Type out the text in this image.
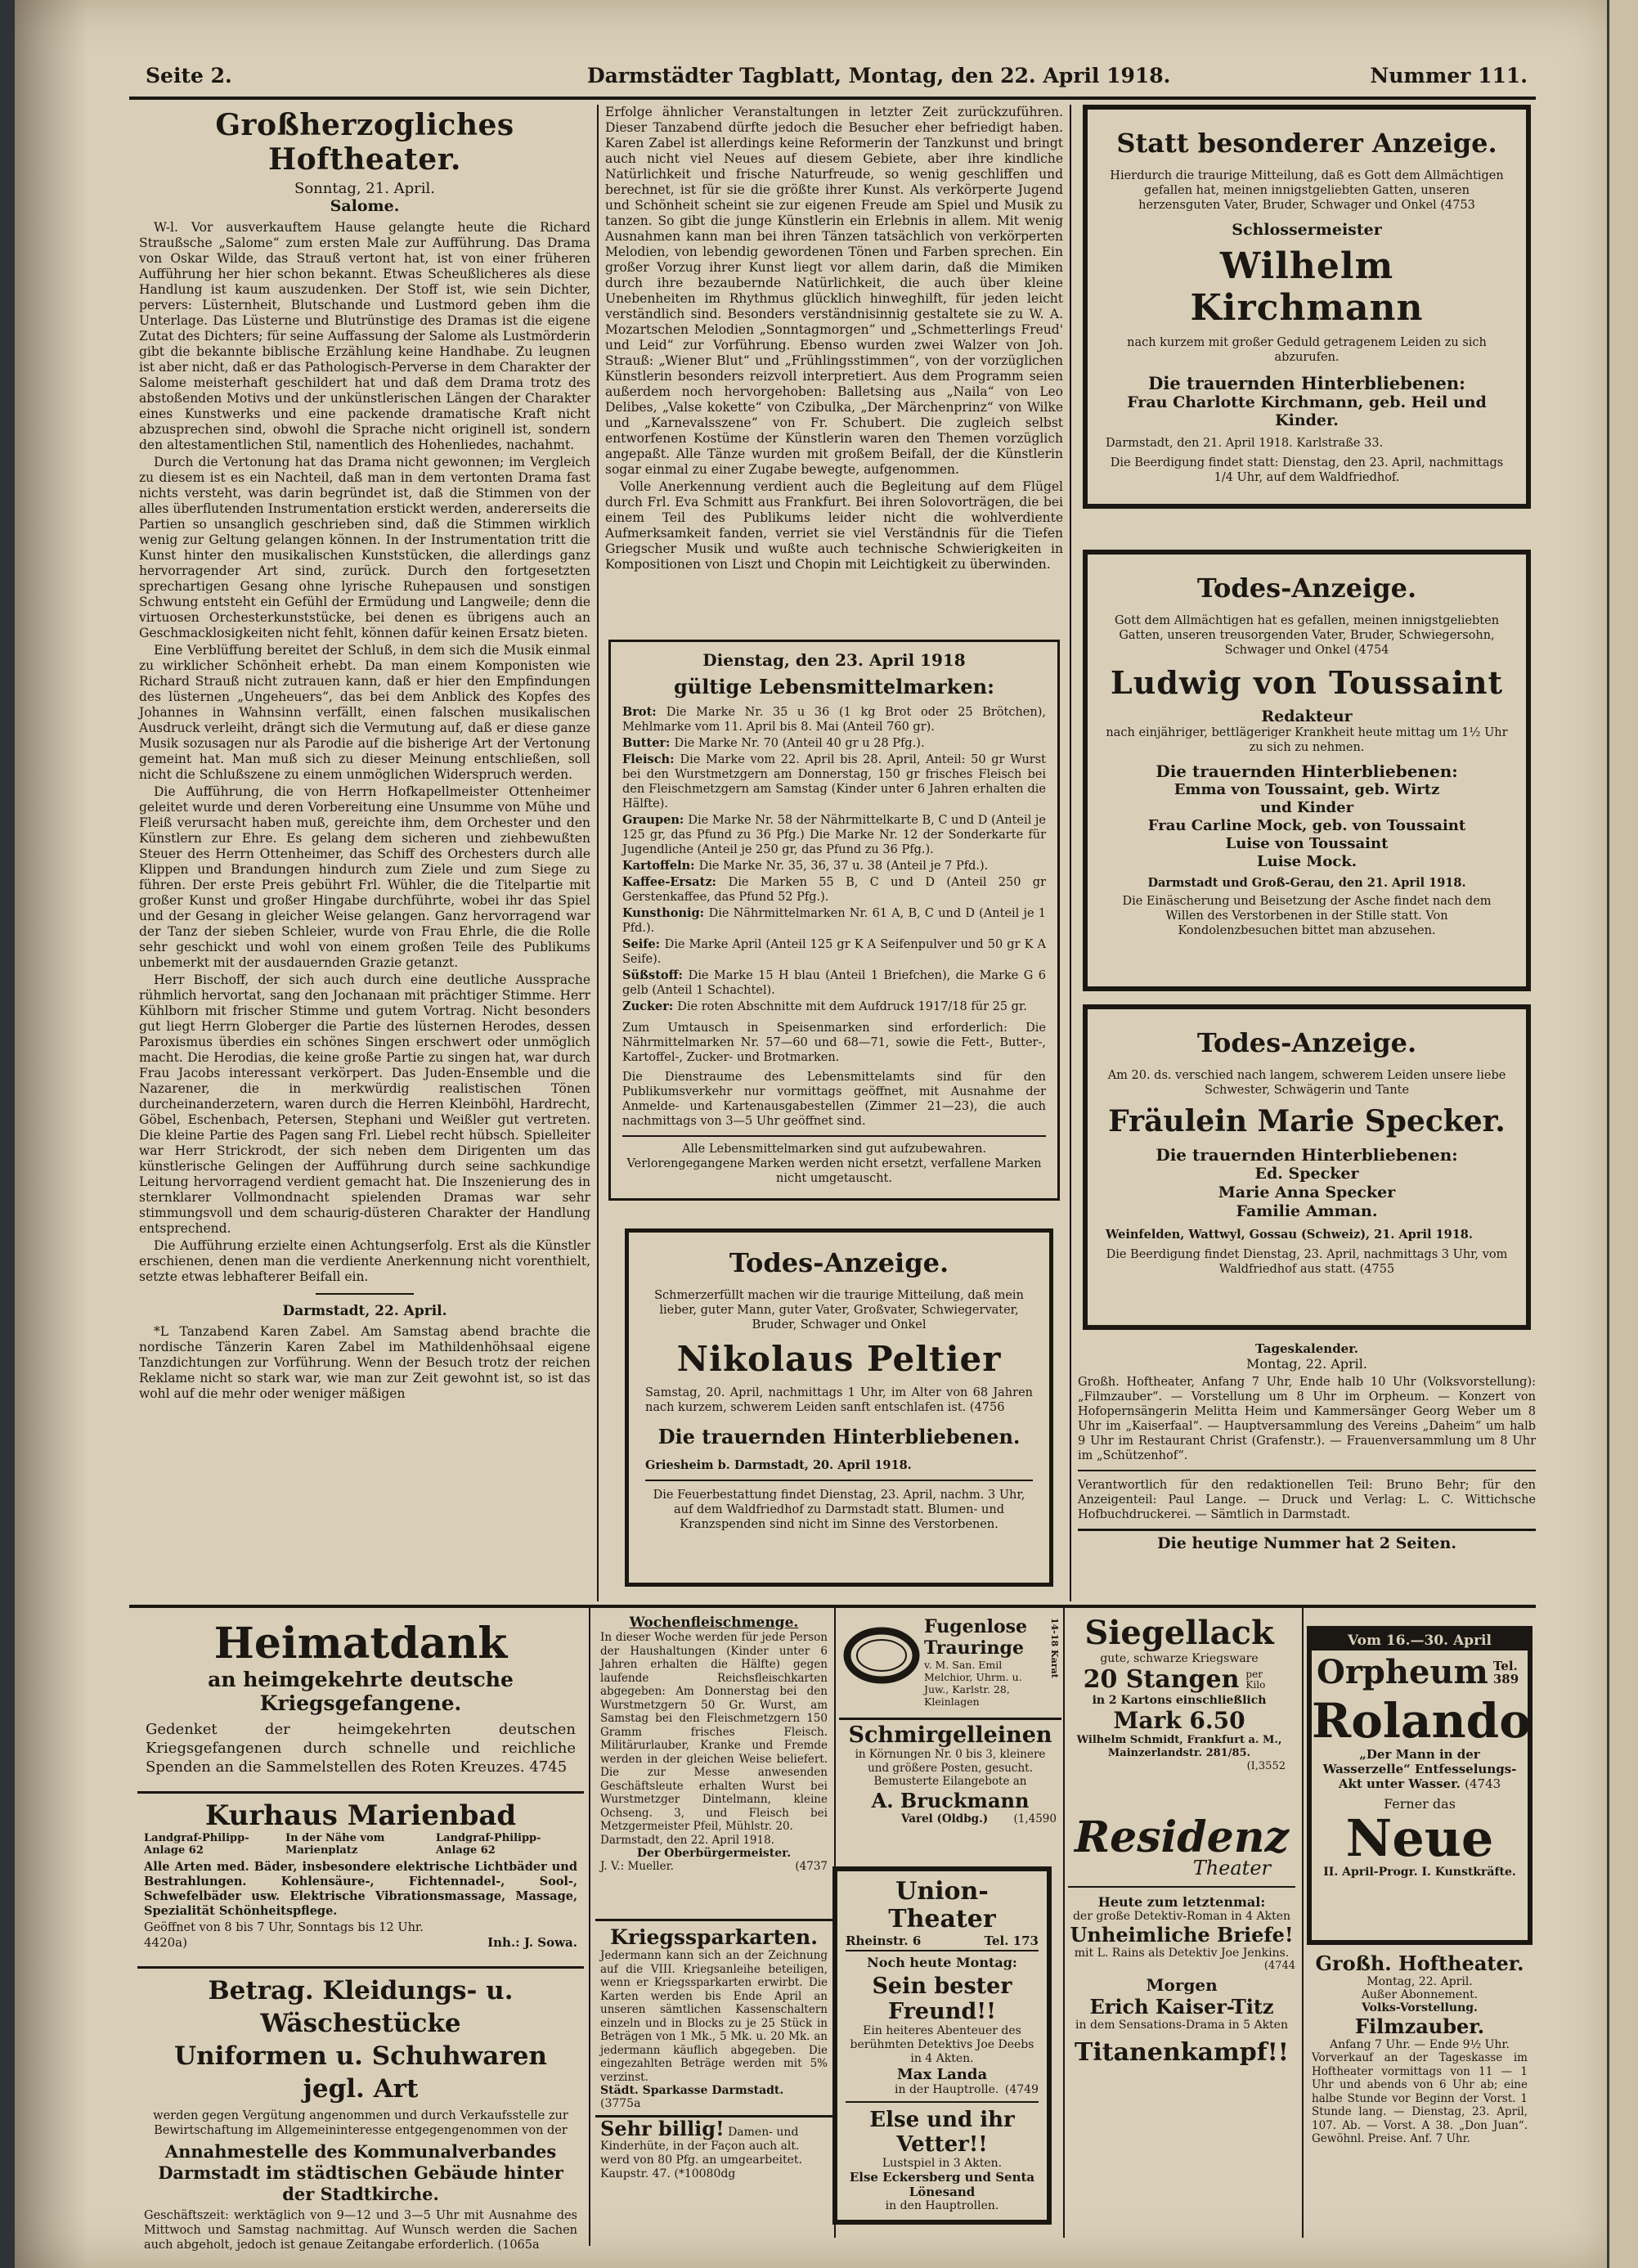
Seite 2.	Darmstädter Tagblatt, Montag, den 22. April 1918.	Nummer 111.
Großherzogliches Hoftheater.
Sonntag, 21. April.
Salome.

W-l. Vor ausverkauftem Hause gelangte heute die Richard Straußsche „Salome“ zum ersten Male zur Aufführung. Das Drama von Oskar Wilde, das Strauß vertont hat, ist von einer früheren Aufführung her hier schon bekannt. Etwas Scheußlicheres als diese Handlung ist kaum auszudenken. Der Stoff ist, wie sein Dichter, pervers: Lüsternheit, Blutschande und Lustmord geben ihm die Unterlage. Das Lüsterne und Blutrünstige des Dramas ist die eigene Zutat des Dichters; für seine Auffassung der Salome als Lustmörderin gibt die bekannte biblische Erzählung keine Handhabe. Zu leugnen ist aber nicht, daß er das Pathologisch-Perverse in dem Charakter der Salome meisterhaft geschildert hat und daß dem Drama trotz des abstoßenden Motivs und der unkünstlerischen Längen der Charakter eines Kunstwerks und eine packende dramatische Kraft nicht abzusprechen sind, obwohl die Sprache nicht originell ist, sondern den altestamentlichen Stil, namentlich des Hohenliedes, nachahmt.

Durch die Vertonung hat das Drama nicht gewonnen; im Vergleich zu diesem ist es ein Nachteil, daß man in dem vertonten Drama fast nichts versteht, was darin begründet ist, daß die Stimmen von der alles überflutenden Instrumentation erstickt werden, andererseits die Partien so unsanglich geschrieben sind, daß die Stimmen wirklich wenig zur Geltung gelangen können. In der Instrumentation tritt die Kunst hinter den musikalischen Kunststücken, die allerdings ganz hervorragender Art sind, zurück. Durch den fortgesetzten sprechartigen Gesang ohne lyrische Ruhepausen und sonstigen Schwung entsteht ein Gefühl der Ermüdung und Langweile; denn die virtuosen Orchesterkunststücke, bei denen es übrigens auch an Geschmacklosigkeiten nicht fehlt, können dafür keinen Ersatz bieten.

Eine Verblüffung bereitet der Schluß, in dem sich die Musik einmal zu wirklicher Schönheit erhebt. Da man einem Komponisten wie Richard Strauß nicht zutrauen kann, daß er hier den Empfindungen des lüsternen „Ungeheuers“, das bei dem Anblick des Kopfes des Johannes in Wahnsinn verfällt, einen falschen musikalischen Ausdruck verleiht, drängt sich die Vermutung auf, daß er diese ganze Musik sozusagen nur als Parodie auf die bisherige Art der Vertonung gemeint hat. Man muß sich zu dieser Meinung entschließen, soll nicht die Schlußszene zu einem unmöglichen Widerspruch werden.

Die Aufführung, die von Herrn Hofkapellmeister Ottenheimer geleitet wurde und deren Vorbereitung eine Unsumme von Mühe und Fleiß verursacht haben muß, gereichte ihm, dem Orchester und den Künstlern zur Ehre. Es gelang dem sicheren und ziehbewußten Steuer des Herrn Ottenheimer, das Schiff des Orchesters durch alle Klippen und Brandungen hindurch zum Ziele und zum Siege zu führen. Der erste Preis gebührt Frl. Wühler, die die Titelpartie mit großer Kunst und großer Hingabe durchführte, wobei ihr das Spiel und der Gesang in gleicher Weise gelangen. Ganz hervorragend war der Tanz der sieben Schleier, wurde von Frau Ehrle, die die Rolle sehr geschickt und wohl von einem großen Teile des Publikums unbemerkt mit der ausdauernden Grazie getanzt.

Herr Bischoff, der sich auch durch eine deutliche Aussprache rühmlich hervortat, sang den Jochanaan mit prächtiger Stimme. Herr Kühlborn mit frischer Stimme und gutem Vortrag. Nicht besonders gut liegt Herrn Globerger die Partie des lüsternen Herodes, dessen Paroxismus überdies ein schönes Singen erschwert oder unmöglich macht. Die Herodias, die keine große Partie zu singen hat, war durch Frau Jacobs interessant verkörpert. Das Juden-Ensemble und die Nazarener, die in merkwürdig realistischen Tönen durcheinanderzetern, waren durch die Herren Kleinböhl, Hardrecht, Göbel, Eschenbach, Petersen, Stephani und Weißler gut vertreten. Die kleine Partie des Pagen sang Frl. Liebel recht hübsch. Spielleiter war Herr Strickrodt, der sich neben dem Dirigenten um das künstlerische Gelingen der Aufführung durch seine sachkundige Leitung hervorragend verdient gemacht hat. Die Inszenierung des in sternklarer Vollmondnacht spielenden Dramas war sehr stimmungsvoll und dem schaurig-düsteren Charakter der Handlung entsprechend.

Die Aufführung erzielte einen Achtungserfolg. Erst als die Künstler erschienen, denen man die verdiente Anerkennung nicht vorenthielt, setzte etwas lebhafterer Beifall ein.

Darmstadt, 22. April.

*L Tanzabend Karen Zabel. Am Samstag abend brachte die nordische Tänzerin Karen Zabel im Mathildenhöhsaal eigene Tanzdichtungen zur Vorführung. Wenn der Besuch trotz der reichen Reklame nicht so stark war, wie man zur Zeit gewohnt ist, so ist das wohl auf die mehr oder weniger mäßigen

Erfolge ähnlicher Veranstaltungen in letzter Zeit zurückzuführen. Dieser Tanzabend dürfte jedoch die Besucher eher befriedigt haben. Karen Zabel ist allerdings keine Reformerin der Tanzkunst und bringt auch nicht viel Neues auf diesem Gebiete, aber ihre kindliche Natürlichkeit und frische Naturfreude, so wenig geschliffen und berechnet, ist für sie die größte ihrer Kunst. Als verkörperte Jugend und Schönheit scheint sie zur eigenen Freude am Spiel und Musik zu tanzen. So gibt die junge Künstlerin ein Erlebnis in allem. Mit wenig Ausnahmen kann man bei ihren Tänzen tatsächlich von verkörperten Melodien, von lebendig gewordenen Tönen und Farben sprechen. Ein großer Vorzug ihrer Kunst liegt vor allem darin, daß die Mimiken durch ihre bezaubernde Natürlichkeit, die auch über kleine Unebenheiten im Rhythmus glücklich hinweghilft, für jeden leicht verständlich sind. Besonders verständnisinnig gestaltete sie zu W. A. Mozartschen Melodien „Sonntagmorgen“ und „Schmetterlings Freud' und Leid“ zur Vorführung. Ebenso wurden zwei Walzer von Joh. Strauß: „Wiener Blut“ und „Frühlingsstimmen“, von der vorzüglichen Künstlerin besonders reizvoll interpretiert. Aus dem Programm seien außerdem noch hervorgehoben: Balletsing aus „Naila“ von Leo Delibes, „Valse kokette“ von Czibulka, „Der Märchenprinz“ von Wilke und „Karnevalsszene“ von Fr. Schubert. Die zugleich selbst entworfenen Kostüme der Künstlerin waren den Themen vorzüglich angepaßt. Alle Tänze wurden mit großem Beifall, der die Künstlerin sogar einmal zu einer Zugabe bewegte, aufgenommen.

Volle Anerkennung verdient auch die Begleitung auf dem Flügel durch Frl. Eva Schmitt aus Frankfurt. Bei ihren Solovorträgen, die bei einem Teil des Publikums leider nicht die wohlverdiente Aufmerksamkeit fanden, verriet sie viel Verständnis für die Tiefen Griegscher Musik und wußte auch technische Schwierigkeiten in Kompositionen von Liszt und Chopin mit Leichtigkeit zu überwinden.

Dienstag, den 23. April 1918
gültige Lebensmittelmarken:
Brot: Die Marke Nr. 35 u 36 (1 kg Brot oder 25 Brötchen), Mehlmarke vom 11. April bis 8. Mai (Anteil 760 gr).
Butter: Die Marke Nr. 70 (Anteil 40 gr u 28 Pfg.).
Fleisch: Die Marke vom 22. April bis 28. April, Anteil: 50 gr Wurst bei den Wurstmetzgern am Donnerstag, 150 gr frisches Fleisch bei den Fleischmetzgern am Samstag (Kinder unter 6 Jahren erhalten die Hälfte).
Graupen: Die Marke Nr. 58 der Nährmittelkarte B, C und D (Anteil je 125 gr, das Pfund zu 36 Pfg.) Die Marke Nr. 12 der Sonderkarte für Jugendliche (Anteil je 250 gr, das Pfund zu 36 Pfg.).
Kartoffeln: Die Marke Nr. 35, 36, 37 u. 38 (Anteil je 7 Pfd.).
Kaffee-Ersatz: Die Marken 55 B, C und D (Anteil 250 gr Gerstenkaffee, das Pfund 52 Pfg.).
Kunsthonig: Die Nährmittelmarken Nr. 61 A, B, C und D (Anteil je 1 Pfd.).
Seife: Die Marke April (Anteil 125 gr K A Seifenpulver und 50 gr K A Seife).
Süßstoff: Die Marke 15 H blau (Anteil 1 Briefchen), die Marke G 6 gelb (Anteil 1 Schachtel).
Zucker: Die roten Abschnitte mit dem Aufdruck 1917/18 für 25 gr.
Zum Umtausch in Speisenmarken sind erforderlich: Die Nährmittelmarken Nr. 57—60 und 68—71, sowie die Fett-, Butter-, Kartoffel-, Zucker- und Brotmarken.
Die Dienstraume des Lebensmittelamts sind für den Publikumsverkehr nur vormittags geöffnet, mit Ausnahme der Anmelde- und Kartenausgabestellen (Zimmer 21—23), die auch nachmittags von 3—5 Uhr geöffnet sind.
Alle Lebensmittelmarken sind gut aufzubewahren. Verlorengegangene Marken werden nicht ersetzt, verfallene Marken nicht umgetauscht.
Todes-Anzeige.
Schmerzerfüllt machen wir die traurige Mitteilung, daß mein lieber, guter Mann, guter Vater, Großvater, Schwiegervater, Bruder, Schwager und Onkel
Nikolaus Peltier
Samstag, 20. April, nachmittags 1 Uhr, im Alter von 68 Jahren nach kurzem, schwerem Leiden sanft entschlafen ist. (4756
Die trauernden Hinterbliebenen.
Griesheim b. Darmstadt, 20. April 1918.
Die Feuerbestattung findet Dienstag, 23. April, nachm. 3 Uhr, auf dem Waldfriedhof zu Darmstadt statt. Blumen- und Kranzspenden sind nicht im Sinne des Verstorbenen.
Statt besonderer Anzeige.
Hierdurch die traurige Mitteilung, daß es Gott dem Allmächtigen gefallen hat, meinen innigstgeliebten Gatten, unseren herzensguten Vater, Bruder, Schwager und Onkel (4753
Schlossermeister
Wilhelm Kirchmann
nach kurzem mit großer Geduld getragenem Leiden zu sich abzurufen.
Die trauernden Hinterbliebenen:
Frau Charlotte Kirchmann, geb. Heil und Kinder.
Darmstadt, den 21. April 1918. Karlstraße 33.
Die Beerdigung findet statt: Dienstag, den 23. April, nachmittags 1/4 Uhr, auf dem Waldfriedhof.
Todes-Anzeige.
Gott dem Allmächtigen hat es gefallen, meinen innigstgeliebten Gatten, unseren treusorgenden Vater, Bruder, Schwiegersohn, Schwager und Onkel (4754
Ludwig von Toussaint
Redakteur
nach einjähriger, bettlägeriger Krankheit heute mittag um 1½ Uhr zu sich zu nehmen.
Die trauernden Hinterbliebenen:
Emma von Toussaint, geb. Wirtz
und Kinder
Frau Carline Mock, geb. von Toussaint
Luise von Toussaint
Luise Mock.
Darmstadt und Groß-Gerau, den 21. April 1918.
Die Einäscherung und Beisetzung der Asche findet nach dem Willen des Verstorbenen in der Stille statt. Von Kondolenzbesuchen bittet man abzusehen.
Todes-Anzeige.
Am 20. ds. verschied nach langem, schwerem Leiden unsere liebe Schwester, Schwägerin und Tante
Fräulein Marie Specker.
Die trauernden Hinterbliebenen:
Ed. Specker
Marie Anna Specker
Familie Amman.
Weinfelden, Wattwyl, Gossau (Schweiz), 21. April 1918.
Die Beerdigung findet Dienstag, 23. April, nachmittags 3 Uhr, vom Waldfriedhof aus statt. (4755
Tageskalender.
Montag, 22. April.
Großh. Hoftheater, Anfang 7 Uhr, Ende halb 10 Uhr (Volksvorstellung): „Filmzauber“. — Vorstellung um 8 Uhr im Orpheum. — Konzert von Hofopernsängerin Melitta Heim und Kammersänger Georg Weber um 8 Uhr im „Kaiserfaal“. — Hauptversammlung des Vereins „Daheim“ um halb 9 Uhr im Restaurant Christ (Grafenstr.). — Frauenversammlung um 8 Uhr im „Schützenhof“.
Verantwortlich für den redaktionellen Teil: Bruno Behr; für den Anzeigenteil: Paul Lange. — Druck und Verlag: L. C. Wittichsche Hofbuchdruckerei. — Sämtlich in Darmstadt.
Die heutige Nummer hat 2 Seiten.
Heimatdank
an heimgekehrte deutsche Kriegsgefangene.
Gedenket der heimgekehrten deutschen Kriegsgefangenen durch schnelle und reichliche Spenden an die Sammelstellen des Roten Kreuzes. 4745
Kurhaus Marienbad
Landgraf-Philipp-Anlage 62
In der Nähe vom Marienplatz
Landgraf-Philipp-Anlage 62
Alle Arten med. Bäder, insbesondere elektrische Lichtbäder und Bestrahlungen. Kohlensäure-, Fichtennadel-, Sool-, Schwefelbäder usw. Elektrische Vibrationsmassage, Massage, Spezialität Schönheitspflege.
Geöffnet von 8 bis 7 Uhr, Sonntags bis 12 Uhr.
4420a)	Inh.: J. Sowa.
Betrag. Kleidungs- u. Wäschestücke
Uniformen u. Schuhwaren jegl. Art
werden gegen Vergütung angenommen und durch Verkaufsstelle zur Bewirtschaftung im Allgemeininteresse entgegengenommen von der
Annahmestelle des Kommunalverbandes Darmstadt im städtischen Gebäude hinter der Stadtkirche.
Geschäftszeit: werktäglich von 9—12 und 3—5 Uhr mit Ausnahme des Mittwoch und Samstag nachmittag. Auf Wunsch werden die Sachen auch abgeholt, jedoch ist genaue Zeitangabe erforderlich. (1065a
Wochenfleischmenge.
In dieser Woche werden für jede Person der Haushaltungen (Kinder unter 6 Jahren erhalten die Hälfte) gegen laufende Reichsfleischkarten abgegeben: Am Donnerstag bei den Wurstmetzgern 50 Gr. Wurst, am Samstag bei den Fleischmetzgern 150 Gramm frisches Fleisch. Militärurlauber, Kranke und Fremde werden in der gleichen Weise beliefert. Die zur Messe anwesenden Geschäftsleute erhalten Wurst bei Wurstmetzger Dintelmann, kleine Ochseng. 3, und Fleisch bei Metzgermeister Pfeil, Mühlstr. 20.
Darmstadt, den 22. April 1918.
Der Oberbürgermeister.
J. V.: Mueller.	(4737
Kriegssparkarten.
Jedermann kann sich an der Zeichnung auf die VIII. Kriegsanleihe beteiligen, wenn er Kriegssparkarten erwirbt. Die Karten werden bis Ende April an unseren sämtlichen Kassenschaltern einzeln und in Blocks zu je 25 Stück in Beträgen von 1 Mk., 5 Mk. u. 20 Mk. an jedermann käuflich abgegeben. Die eingezahlten Beträge werden mit 5% verzinst.
Städt. Sparkasse Darmstadt. (3775a
Sehr billig! Damen- und Kinderhüte, in der Façon auch alt. werd von 80 Pfg. an umgearbeitet. Kaupstr. 47. (*10080dg
Fugenlose Trauringe
v. M. San. Emil Melchior, Uhrm. u. Juw., Karlstr. 28, Kleinlagen
14-18 Karat
Schmirgelleinen
in Körnungen Nr. 0 bis 3, kleinere und größere Posten, gesucht. Bemusterte Eilangebote an
A. Bruckmann
Varel (Oldbg.) (1,4590
Union-Theater
Rheinstr. 6	Tel. 173
Noch heute Montag:
Sein bester Freund!!
Ein heiteres Abenteuer des berühmten Detektivs Joe Deebs in 4 Akten.
Max Landa
in der Hauptrolle. (4749
Else und ihr Vetter!!
Lustspiel in 3 Akten.
Else Eckersberg und Senta Lönesand
in den Hauptrollen.
Siegellack
gute, schwarze Kriegsware
20 Stangen per Kilo
in 2 Kartons einschließlich
Mark 6.50
Wilhelm Schmidt, Frankfurt a. M., Mainzerlandstr. 281/85.
(I,3552
Residenz
Theater
Heute zum letztenmal:
der große Detektiv-Roman in 4 Akten
Unheimliche Briefe!
mit L. Rains als Detektiv Joe Jenkins.
(4744
Morgen
Erich Kaiser-Titz
in dem Sensations-Drama in 5 Akten
Titanenkampf!!
Vom 16.—30. April
Orpheum Tel. 389
Rolando
„Der Mann in der Wasserzelle“ Entfesselungs-Akt unter Wasser. (4743
Ferner das
Neue
II. April-Progr. I. Kunstkräfte.
Großh. Hoftheater.
Montag, 22. April.
Außer Abonnement.
Volks-Vorstellung.
Filmzauber.
Anfang 7 Uhr. — Ende 9½ Uhr.
Vorverkauf an der Tageskasse im Hoftheater vormittags von 11 — 1 Uhr und abends von 6 Uhr ab; eine halbe Stunde vor Beginn der Vorst. 1 Stunde lang. — Dienstag, 23. April, 107. Ab. — Vorst. A 38. „Don Juan“. Gewöhnl. Preise. Anf. 7 Uhr.
